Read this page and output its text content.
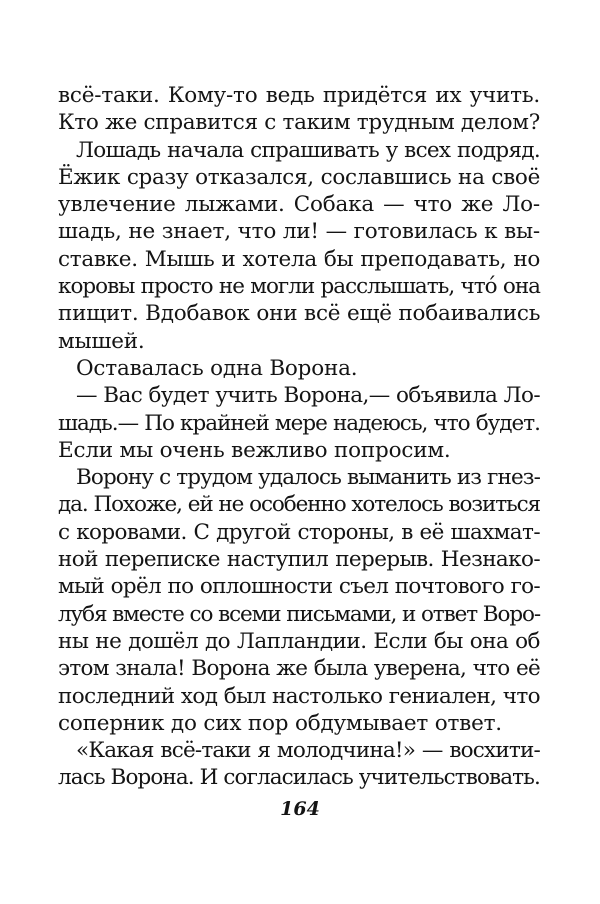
всё-таки. Кому-то ведь придётся их учить.
Кто же справится с таким трудным делом?
Лошадь начала спрашивать у всех подряд.
Ёжик сразу отказался, сославшись на своё
увлечение лыжами. Собака — что же Ло-
шадь, не знает, что ли! — готовилась к вы-
ставке. Мышь и хотела бы преподавать, но
коровы просто не могли расслышать, что́ она
пищит. Вдобавок они всё ещё побаивались
мышей.
Оставалась одна Ворона.
— Вас будет учить Ворона,— объявила Ло-
шадь.— По крайней мере надеюсь, что будет.
Если мы очень вежливо попросим.
Ворону с трудом удалось выманить из гнез-
да. Похоже, ей не особенно хотелось возиться
с коровами. С другой стороны, в её шахмат-
ной переписке наступил перерыв. Незнако-
мый орёл по оплошности съел почтового го-
лубя вместе со всеми письмами, и ответ Воро-
ны не дошёл до Лапландии. Если бы она об
этом знала! Ворона же была уверена, что её
последний ход был настолько гениален, что
соперник до сих пор обдумывает ответ.
«Какая всё-таки я молодчина!» — восхити-
лась Ворона. И согласилась учительствовать.
164
